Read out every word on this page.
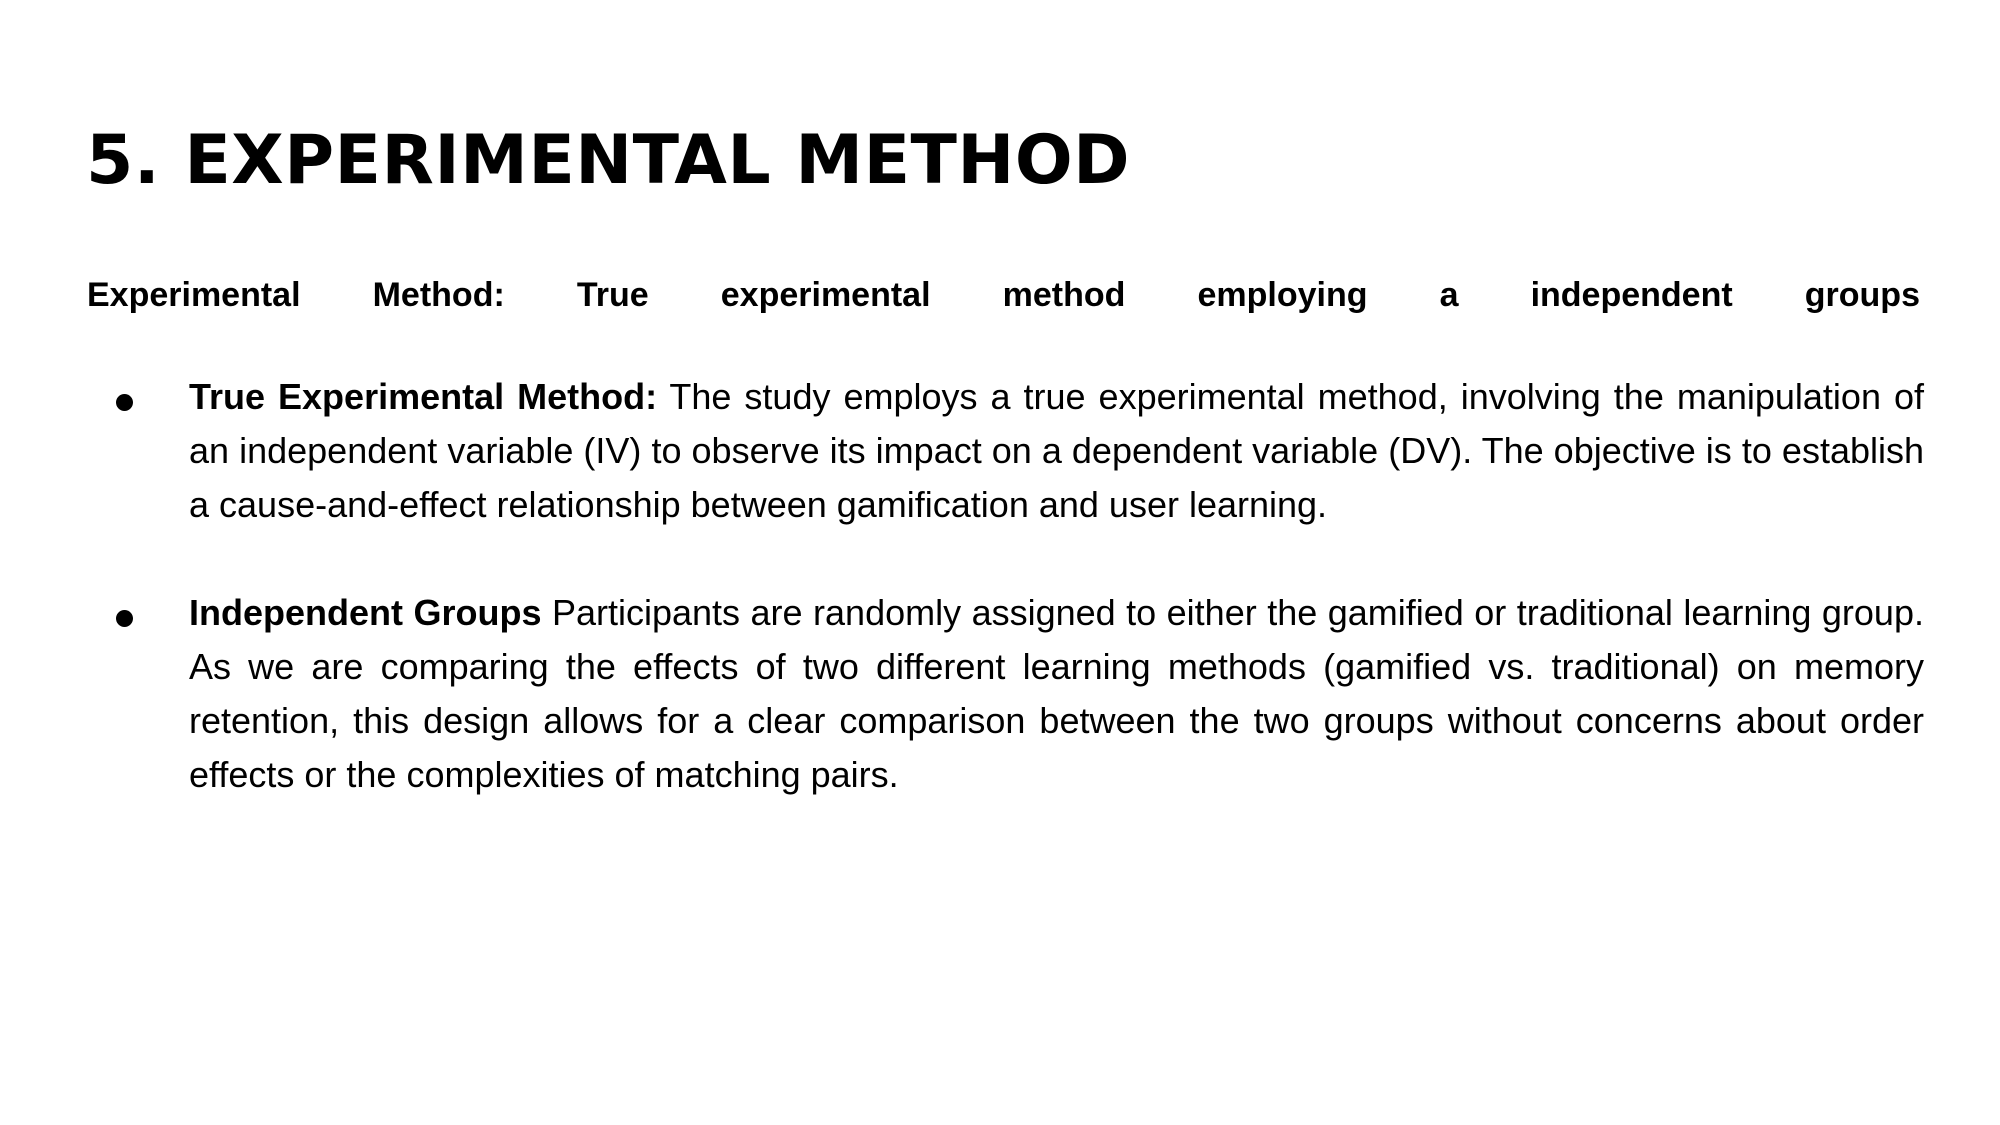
5. EXPERIMENTAL METHOD

Experimental Method: True experimental method employing a independent groups

True Experimental Method: The study employs a true experimental method, involving the manipulation of an independent variable (IV) to observe its impact on a dependent variable (DV). The objective is to establish a cause-and-effect relationship between gamification and user learning.

Independent Groups Participants are randomly assigned to either the gamified or traditional learning group. As we are comparing the effects of two different learning methods (gamified vs. traditional) on memory retention, this design allows for a clear comparison between the two groups without concerns about order effects or the complexities of matching pairs.
